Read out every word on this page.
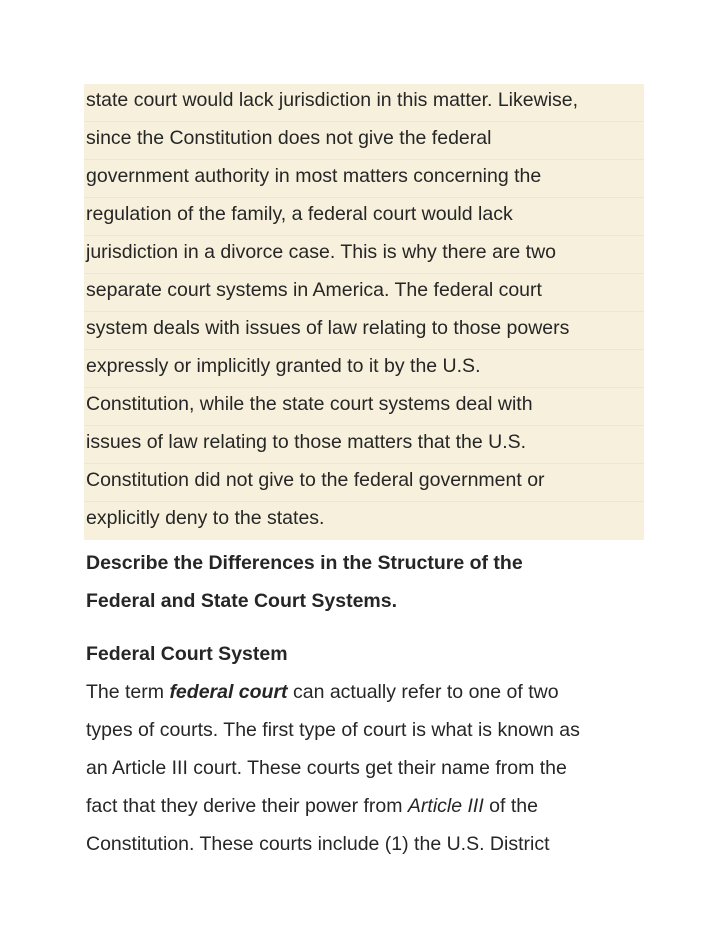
state court would lack jurisdiction in this matter. Likewise,
since the Constitution does not give the federal
government authority in most matters concerning the
regulation of the family, a federal court would lack
jurisdiction in a divorce case. This is why there are two
separate court systems in America. The federal court
system deals with issues of law relating to those powers
expressly or implicitly granted to it by the U.S.
Constitution, while the state court systems deal with
issues of law relating to those matters that the U.S.
Constitution did not give to the federal government or
explicitly deny to the states.
Describe the Differences in the Structure of the
Federal and State Court Systems.
Federal Court System
The term federal court can actually refer to one of two
types of courts. The first type of court is what is known as
an Article III court. These courts get their name from the
fact that they derive their power from Article III of the
Constitution. These courts include (1) the U.S. District
